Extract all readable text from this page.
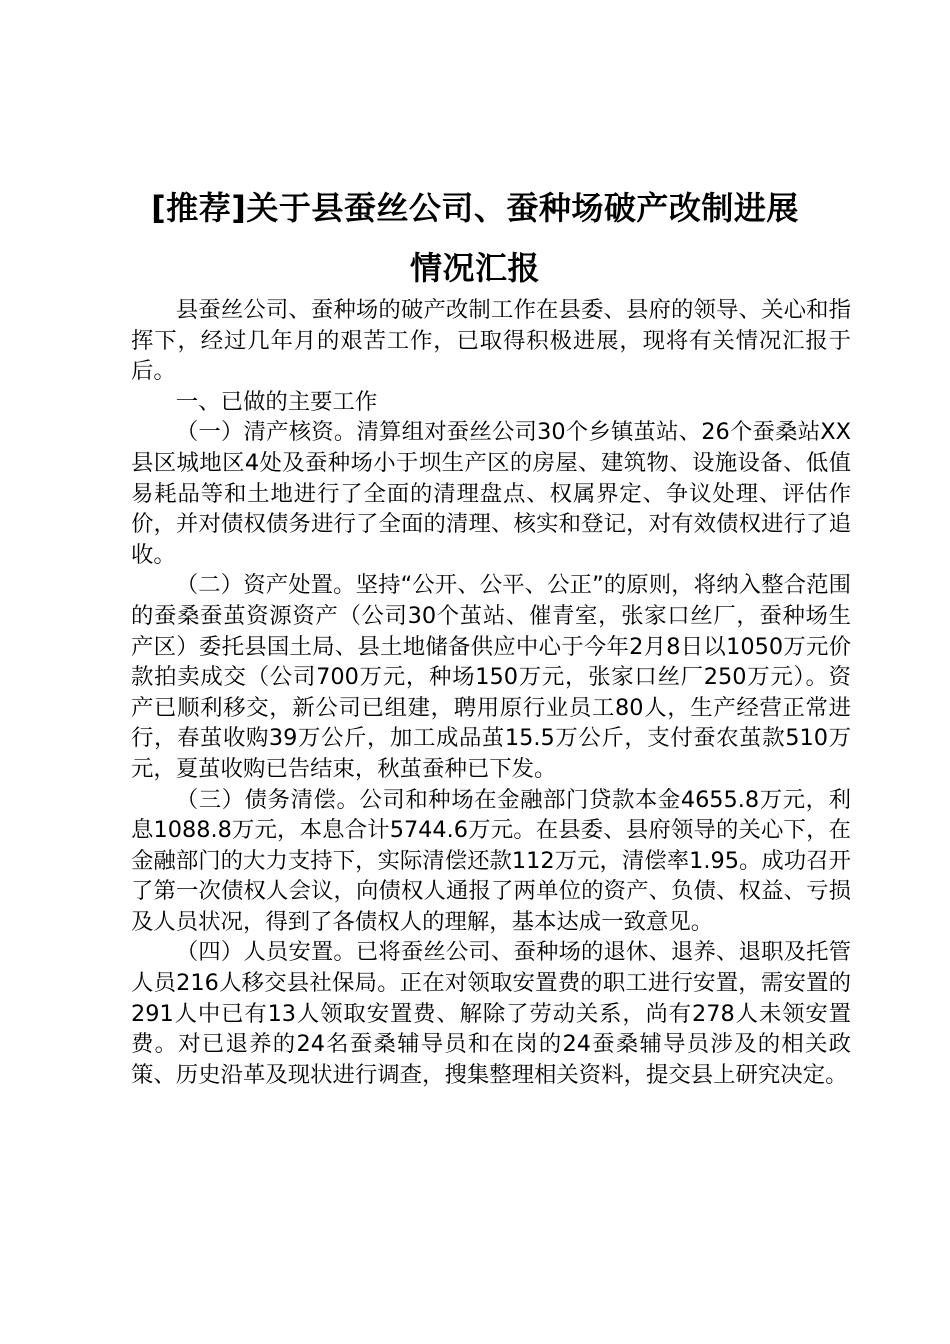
[推荐]关于县蚕丝公司、蚕种场破产改制进展
情况汇报

县蚕丝公司、蚕种场的破产改制工作在县委、县府的领导、关心和指挥下，经过几年月的艰苦工作，已取得积极进展，现将有关情况汇报于后。

一、已做的主要工作

（一）清产核资。清算组对蚕丝公司30个乡镇茧站、26个蚕桑站XX县区城地区4处及蚕种场小于坝生产区的房屋、建筑物、设施设备、低值易耗品等和土地进行了全面的清理盘点、权属界定、争议处理、评估作价，并对债权债务进行了全面的清理、核实和登记，对有效债权进行了追收。

（二）资产处置。坚持“公开、公平、公正”的原则，将纳入整合范围的蚕桑蚕茧资源资产（公司30个茧站、催青室，张家口丝厂，蚕种场生产区）委托县国土局、县土地储备供应中心于今年2月8日以1050万元价款拍卖成交（公司700万元，种场150万元，张家口丝厂250万元）。资产已顺利移交，新公司已组建，聘用原行业员工80人，生产经营正常进行，春茧收购39万公斤，加工成品茧15.5万公斤，支付蚕农茧款510万元，夏茧收购已告结束，秋茧蚕种已下发。

（三）债务清偿。公司和种场在金融部门贷款本金4655.8万元，利息1088.8万元，本息合计5744.6万元。在县委、县府领导的关心下，在金融部门的大力支持下，实际清偿还款112万元，清偿率1.95。成功召开了第一次债权人会议，向债权人通报了两单位的资产、负债、权益、亏损及人员状况，得到了各债权人的理解，基本达成一致意见。

（四）人员安置。已将蚕丝公司、蚕种场的退休、退养、退职及托管人员216人移交县社保局。正在对领取安置费的职工进行安置，需安置的291人中已有13人领取安置费、解除了劳动关系，尚有278人未领安置费。对已退养的24名蚕桑辅导员和在岗的24蚕桑辅导员涉及的相关政策、历史沿革及现状进行调查，搜集整理相关资料，提交县上研究决定。
